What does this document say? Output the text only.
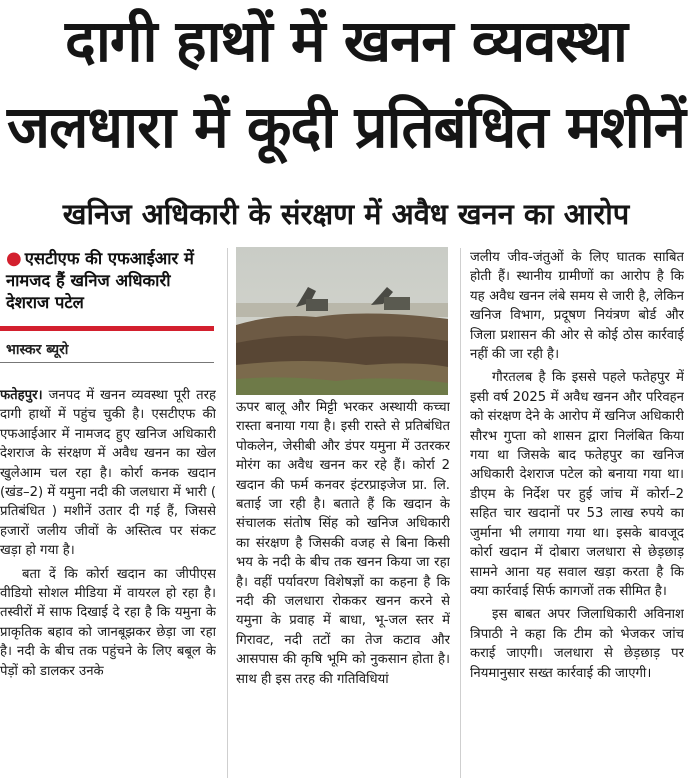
दागी हाथों में खनन व्यवस्था
जलधारा में कूदी प्रतिबंधित मशीनें
खनिज अधिकारी के संरक्षण में अवैध खनन का आरोप
● एसटीएफ की एफआईआर में नामजद हैं खनिज अधिकारी देशराज पटेल
भास्कर ब्यूरो

फतेहपुर। जनपद में खनन व्यवस्था पूरी तरह दागी हाथों में पहुंच चुकी है। एसटीएफ की एफआईआर में नामजद हुए खनिज अधिकारी देशराज के संरक्षण में अवैध खनन का खेल खुलेआम चल रहा है। कोर्रा कनक खदान (खंड–2) में यमुना नदी की जलधारा में भारी ( प्रतिबंधित ) मशीनें उतार दी गई हैं, जिससे हजारों जलीय जीवों के अस्तित्व पर संकट खड़ा हो गया है।

बता दें कि कोर्रा खदान का जीपीएस वीडियो सोशल मीडिया में वायरल हो रहा है। तस्वीरों में साफ दिखाई दे रहा है कि यमुना के प्राकृतिक बहाव को जानबूझकर छेड़ा जा रहा है। नदी के बीच तक पहुंचने के लिए बबूल के पेड़ों को डालकर उनके

ऊपर बालू और मिट्टी भरकर अस्थायी कच्चा रास्ता बनाया गया है। इसी रास्ते से प्रतिबंधित पोकलेन, जेसीबी और डंपर यमुना में उतरकर मोरंग का अवैध खनन कर रहे हैं। कोर्रा 2 खदान की फर्म कनवर इंटरप्राइजेज प्रा. लि. बताई जा रही है। बताते हैं कि खदान के संचालक संतोष सिंह को खनिज अधिकारी का संरक्षण है जिसकी वजह से बिना किसी भय के नदी के बीच तक खनन किया जा रहा है। वहीं पर्यावरण विशेषज्ञों का कहना है कि नदी की जलधारा रोककर खनन करने से यमुना के प्रवाह में बाधा, भू-जल स्तर में गिरावट, नदी तटों का तेज कटाव और आसपास की कृषि भूमि को नुकसान होता है। साथ ही इस तरह की गतिविधियां

जलीय जीव-जंतुओं के लिए घातक साबित होती हैं। स्थानीय ग्रामीणों का आरोप है कि यह अवैध खनन लंबे समय से जारी है, लेकिन खनिज विभाग, प्रदूषण नियंत्रण बोर्ड और जिला प्रशासन की ओर से कोई ठोस कार्रवाई नहीं की जा रही है।

गौरतलब है कि इससे पहले फतेहपुर में इसी वर्ष 2025 में अवैध खनन और परिवहन को संरक्षण देने के आरोप में खनिज अधिकारी सौरभ गुप्ता को शासन द्वारा निलंबित किया गया था जिसके बाद फतेहपुर का खनिज अधिकारी देशराज पटेल को बनाया गया था। डीएम के निर्देश पर हुई जांच में कोर्रा–2 सहित चार खदानों पर 53 लाख रुपये का जुर्माना भी लगाया गया था। इसके बावजूद कोर्रा खदान में दोबारा जलधारा से छेड़छाड़ सामने आना यह सवाल खड़ा करता है कि क्या कार्रवाई सिर्फ कागजों तक सीमित है।

इस बाबत अपर जिलाधिकारी अविनाश त्रिपाठी ने कहा कि टीम को भेजकर जांच कराई जाएगी। जलधारा से छेड़छाड़ पर नियमानुसार सख्त कार्रवाई की जाएगी।
